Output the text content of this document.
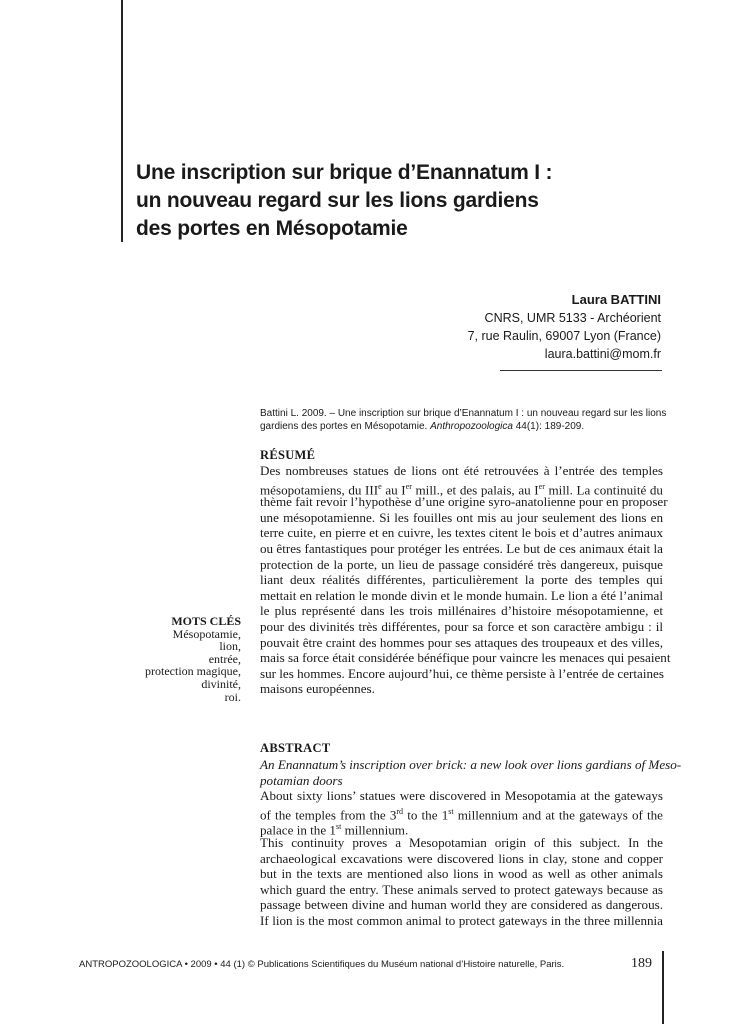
Une inscription sur brique d’Enannatum I :
un nouveau regard sur les lions gardiens
des portes en Mésopotamie
Laura BATTINI
CNRS, UMR 5133 - Archéorient
7, rue Raulin, 69007 Lyon (France)
laura.battini@mom.fr
Battini L. 2009. – Une inscription sur brique d’Enannatum I : un nouveau regard sur les lions
gardiens des portes en Mésopotamie. Anthropozoologica 44(1): 189-209.
RÉSUMÉ
Des nombreuses statues de lions ont été retrouvées à l’entrée des temples
mésopotamiens, du IIIe au Ier mill., et des palais, au Ier mill. La continuité du
thème fait revoir l’hypothèse d’une origine syro-anatolienne pour en proposer
une mésopotamienne. Si les fouilles ont mis au jour seulement des lions en
terre cuite, en pierre et en cuivre, les textes citent le bois et d’autres animaux
ou êtres fantastiques pour protéger les entrées. Le but de ces animaux était la
protection de la porte, un lieu de passage considéré très dangereux, puisque
liant deux réalités différentes, particulièrement la porte des temples qui
mettait en relation le monde divin et le monde humain. Le lion a été l’animal
le plus représenté dans les trois millénaires d’histoire mésopotamienne, et
pour des divinités très différentes, pour sa force et son caractère ambigu : il
pouvait être craint des hommes pour ses attaques des troupeaux et des villes,
mais sa force était considérée bénéfique pour vaincre les menaces qui pesaient
sur les hommes. Encore aujourd’hui, ce thème persiste à l’entrée de certaines
maisons européennes.
MOTS CLÉS
Mésopotamie,
lion,
entrée,
protection magique,
divinité,
roi.
ABSTRACT
An Enannatum’s inscription over brick: a new look over lions gardians of Meso-
potamian doors
About sixty lions’ statues were discovered in Mesopotamia at the gateways
of the temples from the 3rd to the 1st millennium and at the gateways of the
palace in the 1st millennium.
This continuity proves a Mesopotamian origin of this subject. In the
archaeological excavations were discovered lions in clay, stone and copper
but in the texts are mentioned also lions in wood as well as other animals
which guard the entry. These animals served to protect gateways because as
passage between divine and human world they are considered as dangerous.
If lion is the most common animal to protect gateways in the three millennia
ANTROPOZOOLOGICA • 2009 • 44 (1) © Publications Scientifiques du Muséum national d’Histoire naturelle, Paris.	189
